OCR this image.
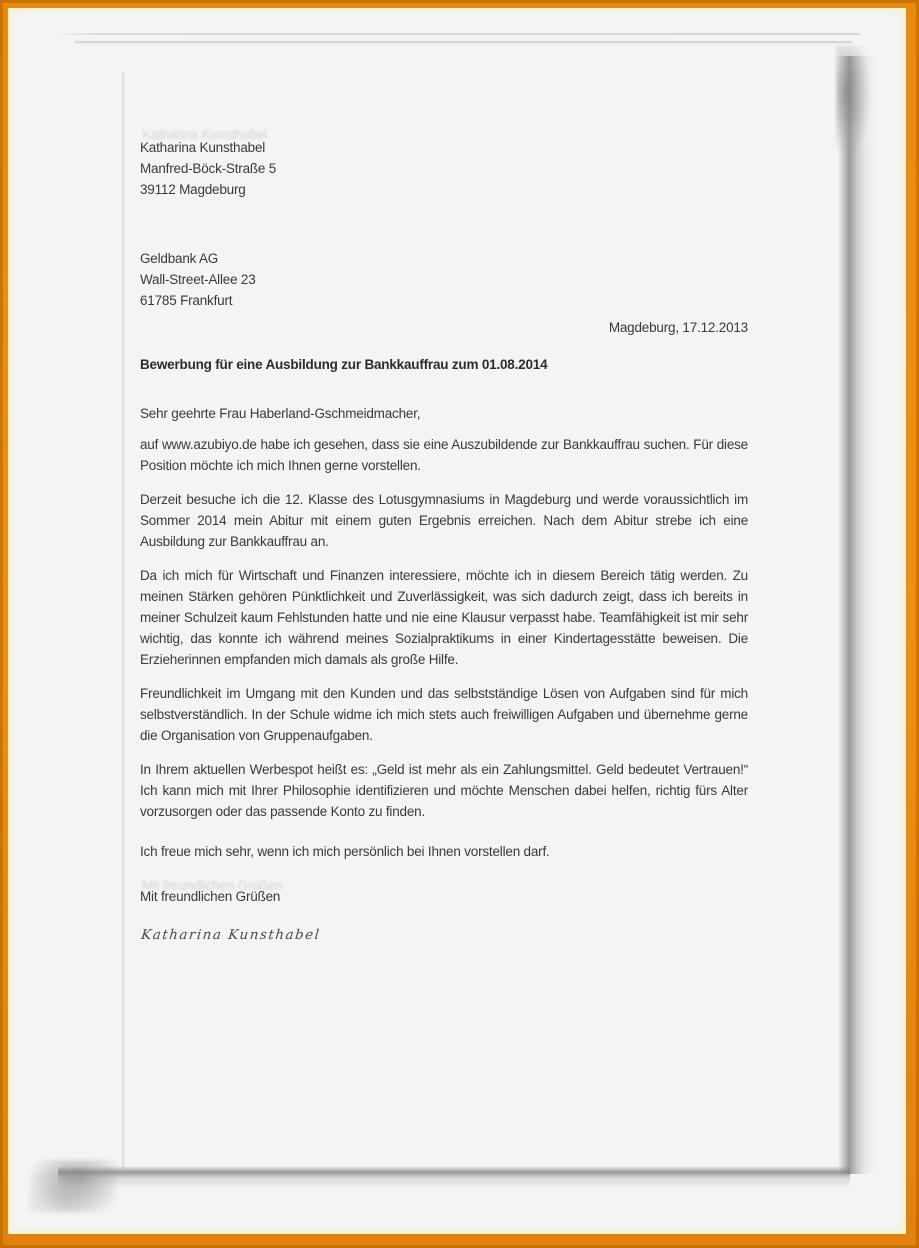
Katharina Kunsthabel
Katharina Kunsthabel
Manfred-Böck-Straße 5
39112 Magdeburg
Geldbank AG
Wall-Street-Allee 23
61785 Frankfurt
Magdeburg, 17.12.2013
Bewerbung für eine Ausbildung zur Bankkauffrau zum 01.08.2014
Sehr geehrte Frau Haberland-Gschmeidmacher,

auf www.azubiyo.de habe ich gesehen, dass sie eine Auszubildende zur Bankkauffrau suchen. Für diese Position möchte ich mich Ihnen gerne vorstellen.

Derzeit besuche ich die 12. Klasse des Lotusgymnasiums in Magdeburg und werde voraussichtlich im Sommer 2014 mein Abitur mit einem guten Ergebnis erreichen. Nach dem Abitur strebe ich eine Ausbildung zur Bankkauffrau an.

Da ich mich für Wirtschaft und Finanzen interessiere, möchte ich in diesem Bereich tätig werden. Zu meinen Stärken gehören Pünktlichkeit und Zuverlässigkeit, was sich dadurch zeigt, dass ich bereits in meiner Schulzeit kaum Fehlstunden hatte und nie eine Klausur verpasst habe. Teamfähigkeit ist mir sehr wichtig, das konnte ich während meines Sozialpraktikums in einer Kindertagesstätte beweisen. Die Erzieherinnen empfanden mich damals als große Hilfe.

Freundlichkeit im Umgang mit den Kunden und das selbstständige Lösen von Aufgaben sind für mich selbstverständlich. In der Schule widme ich mich stets auch freiwilligen Aufgaben und übernehme gerne die Organisation von Gruppenaufgaben.

In Ihrem aktuellen Werbespot heißt es: „Geld ist mehr als ein Zahlungsmittel. Geld bedeutet Vertrauen!“ Ich kann mich mit Ihrer Philosophie identifizieren und möchte Menschen dabei helfen, richtig fürs Alter vorzusorgen oder das passende Konto zu finden.

Ich freue mich sehr, wenn ich mich persönlich bei Ihnen vorstellen darf.

Mit freundlichen Grüßen
Mit freundlichen Grüßen
Katharina Kunsthabel
